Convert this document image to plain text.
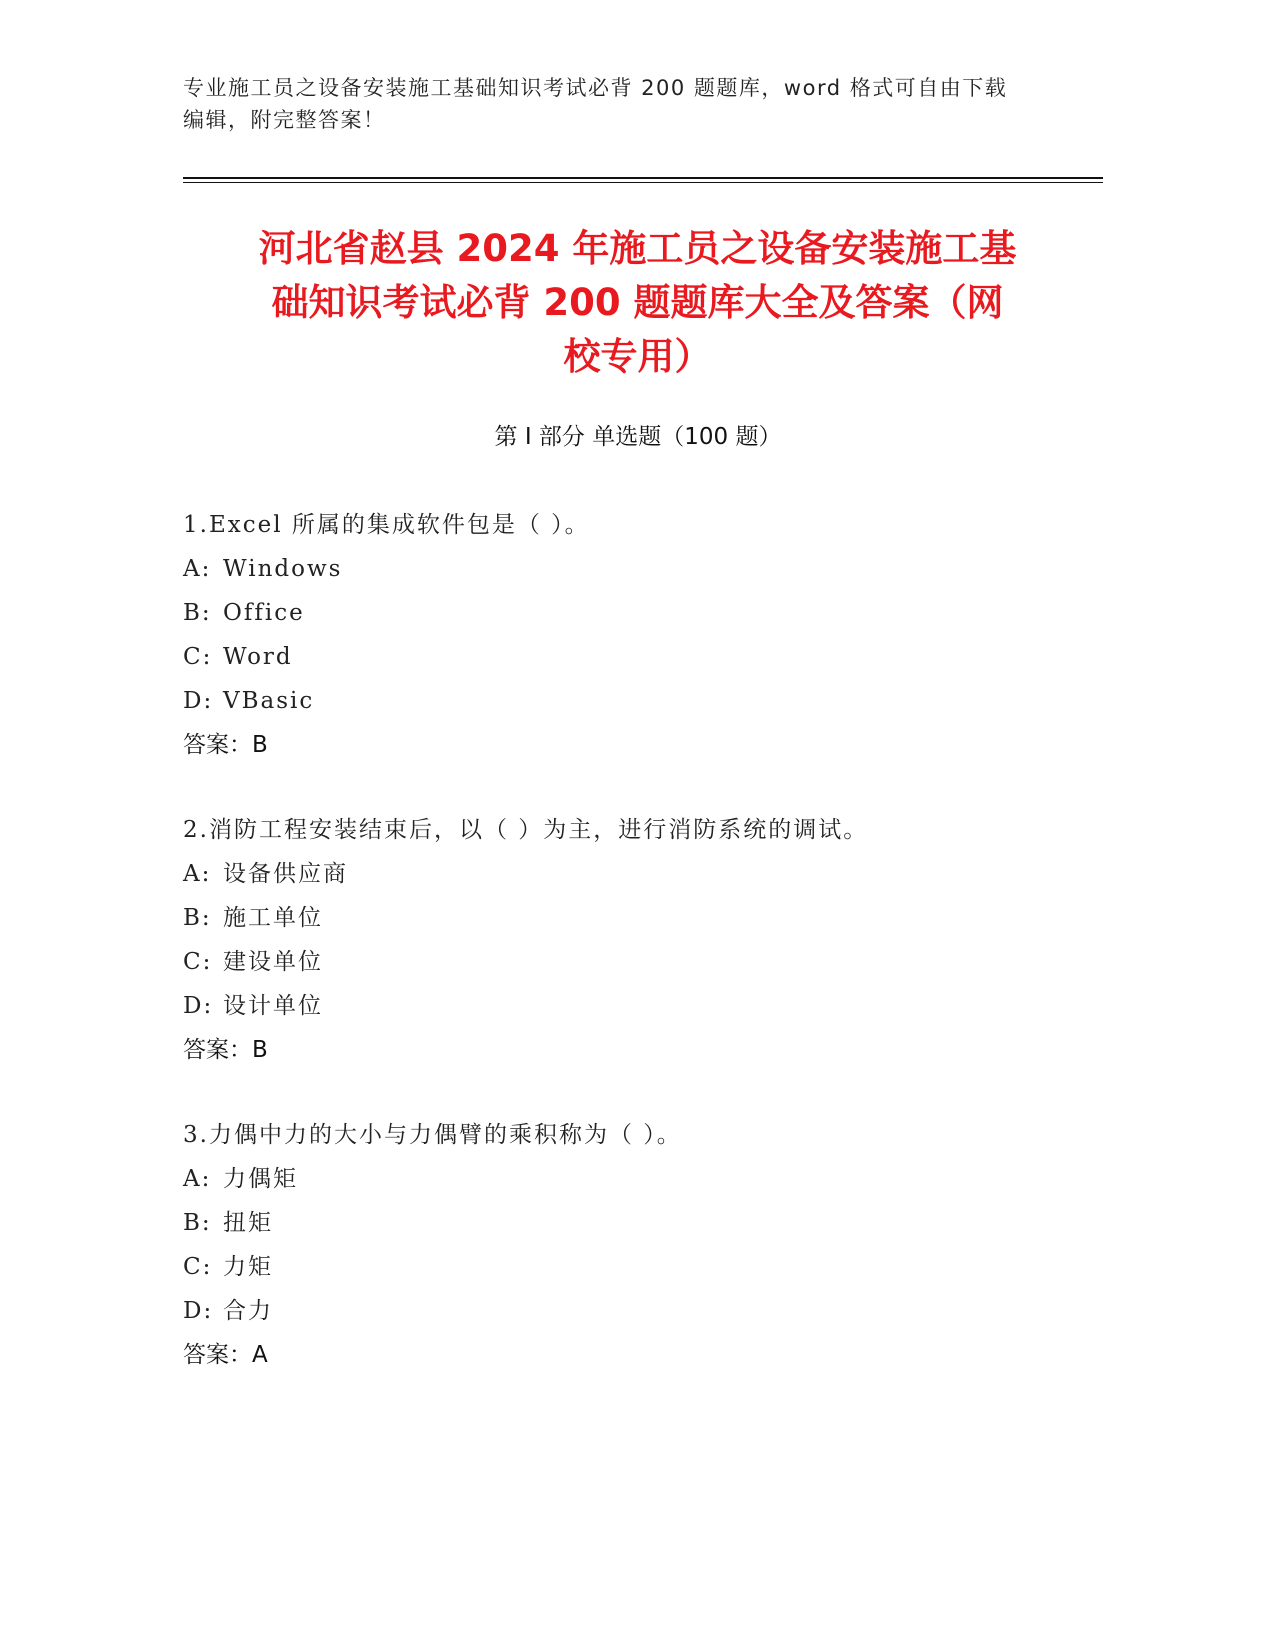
专业施工员之设备安装施工基础知识考试必背 200 题题库，word 格式可自由下载
编辑，附完整答案！
河北省赵县 2024 年施工员之设备安装施工基
础知识考试必背 200 题题库大全及答案（网
校专用）
第 I 部分 单选题（100 题）
1.Excel 所属的集成软件包是（ ）。
A: Windows
B: Office
C: Word
D: VBasic
答案：B
2.消防工程安装结束后，以（ ）为主，进行消防系统的调试。
A: 设备供应商
B: 施工单位
C: 建设单位
D: 设计单位
答案：B
3.力偶中力的大小与力偶臂的乘积称为（ ）。
A: 力偶矩
B: 扭矩
C: 力矩
D: 合力
答案：A
